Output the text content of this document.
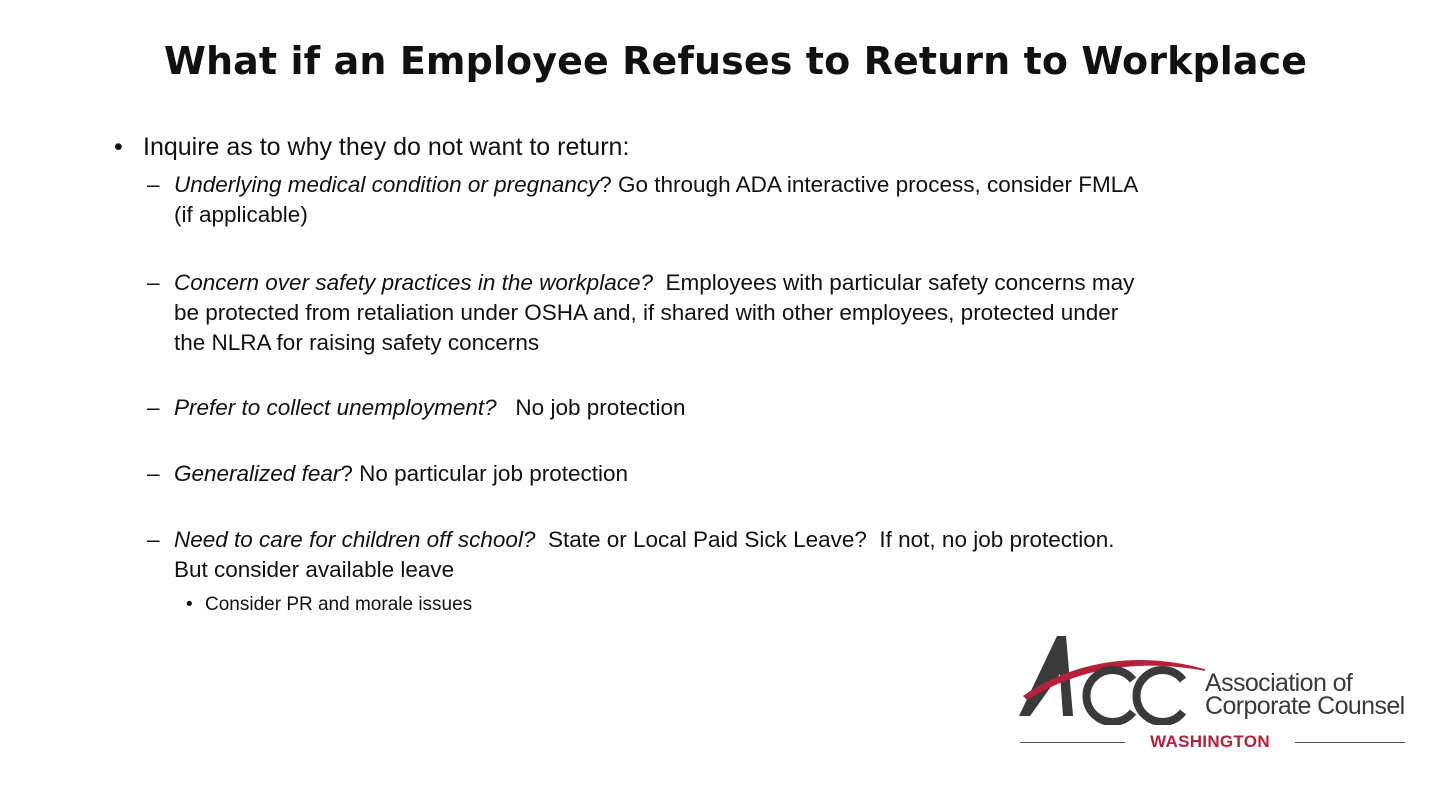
What if an Employee Refuses to Return to Workplace
• Inquire as to why they do not want to return:
– Underlying medical condition or pregnancy? Go through ADA interactive process, consider FMLA (if applicable)
– Concern over safety practices in the workplace?  Employees with particular safety concerns may be protected from retaliation under OSHA and, if shared with other employees, protected under the NLRA for raising safety concerns
– Prefer to collect unemployment?   No job protection
– Generalized fear? No particular job protection
– Need to care for children off school?  State or Local Paid Sick Leave?  If not, no job protection. But consider available leave
• Consider PR and morale issues
Association of
Corporate Counsel
WASHINGTON
